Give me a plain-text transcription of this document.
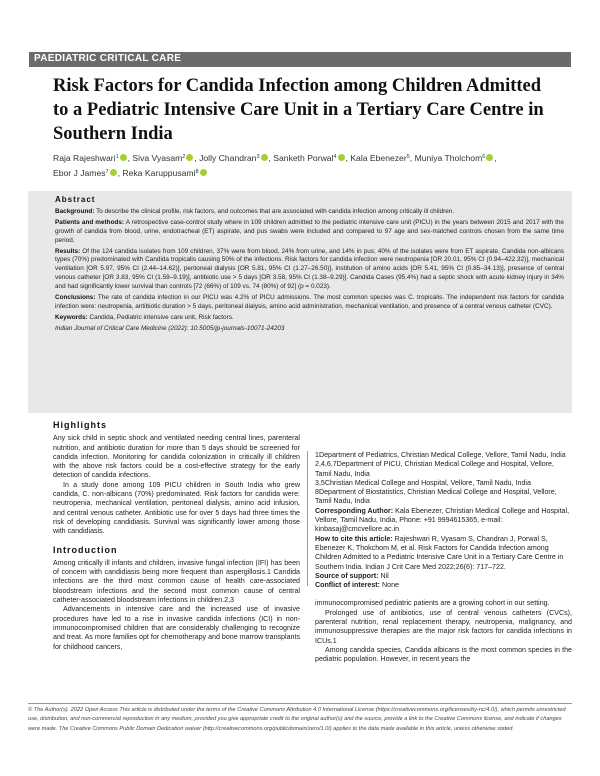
PAEDIATRIC CRITICAL CARE
Risk Factors for Candida Infection among Children Admitted
to a Pediatric Intensive Care Unit in a Tertiary Care Centre in
Southern India
Raja Rajeshwari$^1$ , Siva Vyasam$^2$ , Jolly Chandran$^3$ , Sanketh Porwal$^4$ , Kala Ebenezer$^5$, Muniya Tholchom$^6$ ,
Ebor J James$^7$ , Reka Karuppusami$^8$
Abstract

Background: To describe the clinical profile, risk factors, and outcomes that are associated with candida infection among critically ill children.

Patients and methods: A retrospective case-control study where in 109 children admitted to the pediatric intensive care unit (PICU) in the years between 2015 and 2017 with the growth of candida from blood, urine, endotracheal (ET) aspirate, and pus swabs were included and compared to 97 age and sex-matched controls chosen from the same time period.

Results: Of the 124 candida isolates from 109 children, 37% were from blood, 24% from urine, and 14% in pus; 40% of the isolates were from ET aspirate. Candida non-albicans types (70%) predominated with Candida tropicalis causing 50% of the infections. Risk factors for candida infection were neutropenia [OR 20.01, 95% CI (0.94–422.32)], mechanical ventilation [OR 5.97, 95% CI (2.44–14.62)], peritoneal dialysis [OR 5.81, 95% CI (1.27–26.50)], institution of amino acids [OR 5.41, 95% CI (0.85–34.13)], presence of central venous catheter [OR 3.83, 95% CI (1.59–9.19)], antibiotic use > 5 days [OR 3.58, 95% CI (1.38–9.29)]. Candida Cases (95.4%) had a septic shock with acute kidney injury in 34% and had significantly lower survival than controls [72 (66%) of 109 vs. 74 (80%) of 92] (p = 0.023).

Conclusions: The rate of candida infection in our PICU was 4.2% of PICU admissions. The most common species was C. tropicalis. The independent risk factors for candida infection were: neutropenia, antibiotic duration > 5 days, peritoneal dialysis, amino acid administration, mechanical ventilation, and presence of a central venous catheter (CVC).

Keywords: Candida, Pediatric intensive care unit, Risk factors.

Indian Journal of Critical Care Medicine (2022): 10.5005/jp-journals-10071-24203

Highlights

Any sick child in septic shock and ventilated needing central lines, parenteral nutrition, and antibiotic duration for more than 5 days should be screened for candida infection. Monitoring for candida colonization in critically ill children with the above risk factors could be a cost-effective strategy for the early detection of candida infections.

In a study done among 109 PICU children in South India who grew candida, C. non-albicans (70%) predominated. Risk factors for candida were: neutropenia, mechanical ventilation, peritoneal dialysis, amino acid infusion, and central venous catheter. Antibiotic use for over 5 days had three times the risk of developing candidiasis. Survival was significantly lower among those with candidiasis.

Introduction

Among critically ill infants and children, invasive fungal infection (IFI) has been of concern with candidiasis being more frequent than aspergillosis.1 Candida infections are the third most common cause of health care-associated bloodstream infections and the second most common cause of central catheter-associated bloodstream infections in children.2,3

Advancements in intensive care and the increased use of invasive procedures have led to a rise in invasive candida infections (ICI) in non-immunocompromised children that are considerably challenging to recognize and treat. As more families opt for chemotherapy and bone marrow transplants for childhood cancers,

1Department of Pediatrics, Christian Medical College, Vellore, Tamil Nadu, India

2,4,6,7Department of PICU, Christian Medical College and Hospital, Vellore, Tamil Nadu, India

3,5Christian Medical College and Hospital, Vellore, Tamil Nadu, India

8Department of Biostatistics, Christian Medical College and Hospital, Vellore, Tamil Nadu, India

Corresponding Author: Kala Ebenezer, Christian Medical College and Hospital, Vellore, Tamil Nadu, India, Phone: +91 9994615365, e-mail: kinbasaj@cmcvellore.ac.in

How to cite this article: Rajeshwari R, Vyasam S, Chandran J, Porwal S, Ebenezer K, Thokchom M, et al. Risk Factors for Candida Infection among Children Admitted to a Pediatric Intensive Care Unit in a Tertiary Care Centre in Southern India. Indian J Crit Care Med 2022;26(6): 717–722.

Source of support: Nil

Conflict of interest: None

immunocompromised pediatric patients are a growing cohort in our setting.

Prolonged use of antibiotics, use of central venous catheters (CVCs), parenteral nutrition, renal replacement therapy, neutropenia, malignancy, and immunosuppressive therapies are the major risk factors for candida infections in ICUs.1

Among candida species, Candida albicans is the most common species in the pediatric population. However, in recent years the

© The Author(s). 2022 Open Access This article is distributed under the terms of the Creative Commons Attribution 4.0 International License (https://creativecommons.org/licenses/by-nc/4.0/), which permits unrestricted use, distribution, and non-commercial reproduction in any medium, provided you give appropriate credit to the original author(s) and the source, provide a link to the Creative Commons license, and indicate if changes were made. The Creative Commons Public Domain Dedication waiver (http://creativecommons.org/publicdomain/zero/1.0/) applies to the data made available in this article, unless otherwise stated.
